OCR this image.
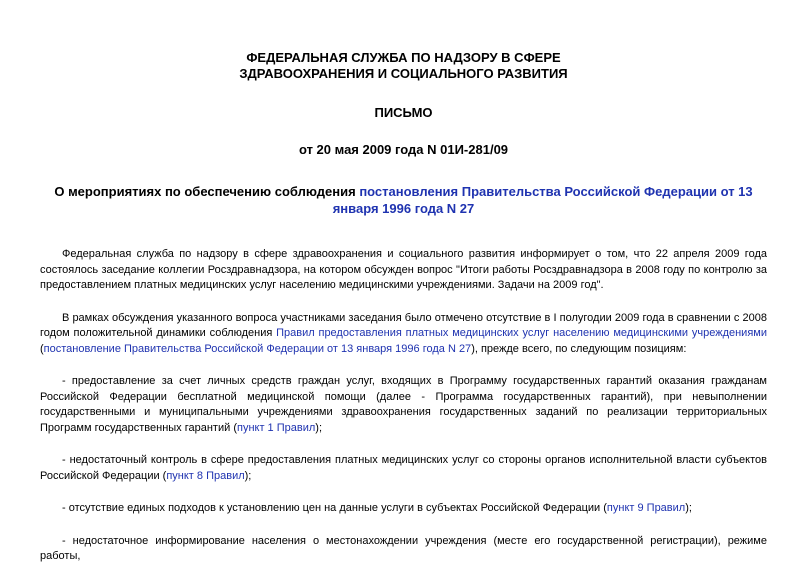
ФЕДЕРАЛЬНАЯ СЛУЖБА ПО НАДЗОРУ В СФЕРЕ
ЗДРАВООХРАНЕНИЯ И СОЦИАЛЬНОГО РАЗВИТИЯ
ПИСЬМО
от 20 мая 2009 года N 01И-281/09
О мероприятиях по обеспечению соблюдения постановления Правительства Российской Федерации от 13 января 1996 года N 27

Федеральная служба по надзору в сфере здравоохранения и социального развития информирует о том, что 22 апреля 2009 года состоялось заседание коллегии Росздравнадзора, на котором обсужден вопрос "Итоги работы Росздравнадзора в 2008 году по контролю за предоставлением платных медицинских услуг населению медицинскими учреждениями. Задачи на 2009 год".

В рамках обсуждения указанного вопроса участниками заседания было отмечено отсутствие в I полугодии 2009 года в сравнении с 2008 годом положительной динамики соблюдения Правил предоставления платных медицинских услуг населению медицинскими учреждениями (постановление Правительства Российской Федерации от 13 января 1996 года N 27), прежде всего, по следующим позициям:

- предоставление за счет личных средств граждан услуг, входящих в Программу государственных гарантий оказания гражданам Российской Федерации бесплатной медицинской помощи (далее - Программа государственных гарантий), при невыполнении государственными и муниципальными учреждениями здравоохранения государственных заданий по реализации территориальных Программ государственных гарантий (пункт 1 Правил);

- недостаточный контроль в сфере предоставления платных медицинских услуг со стороны органов исполнительной власти субъектов Российской Федерации (пункт 8 Правил);

- отсутствие единых подходов к установлению цен на данные услуги в субъектах Российской Федерации (пункт 9 Правил);

- недостаточное информирование населения о местонахождении учреждения (месте его государственной регистрации), режиме работы,
